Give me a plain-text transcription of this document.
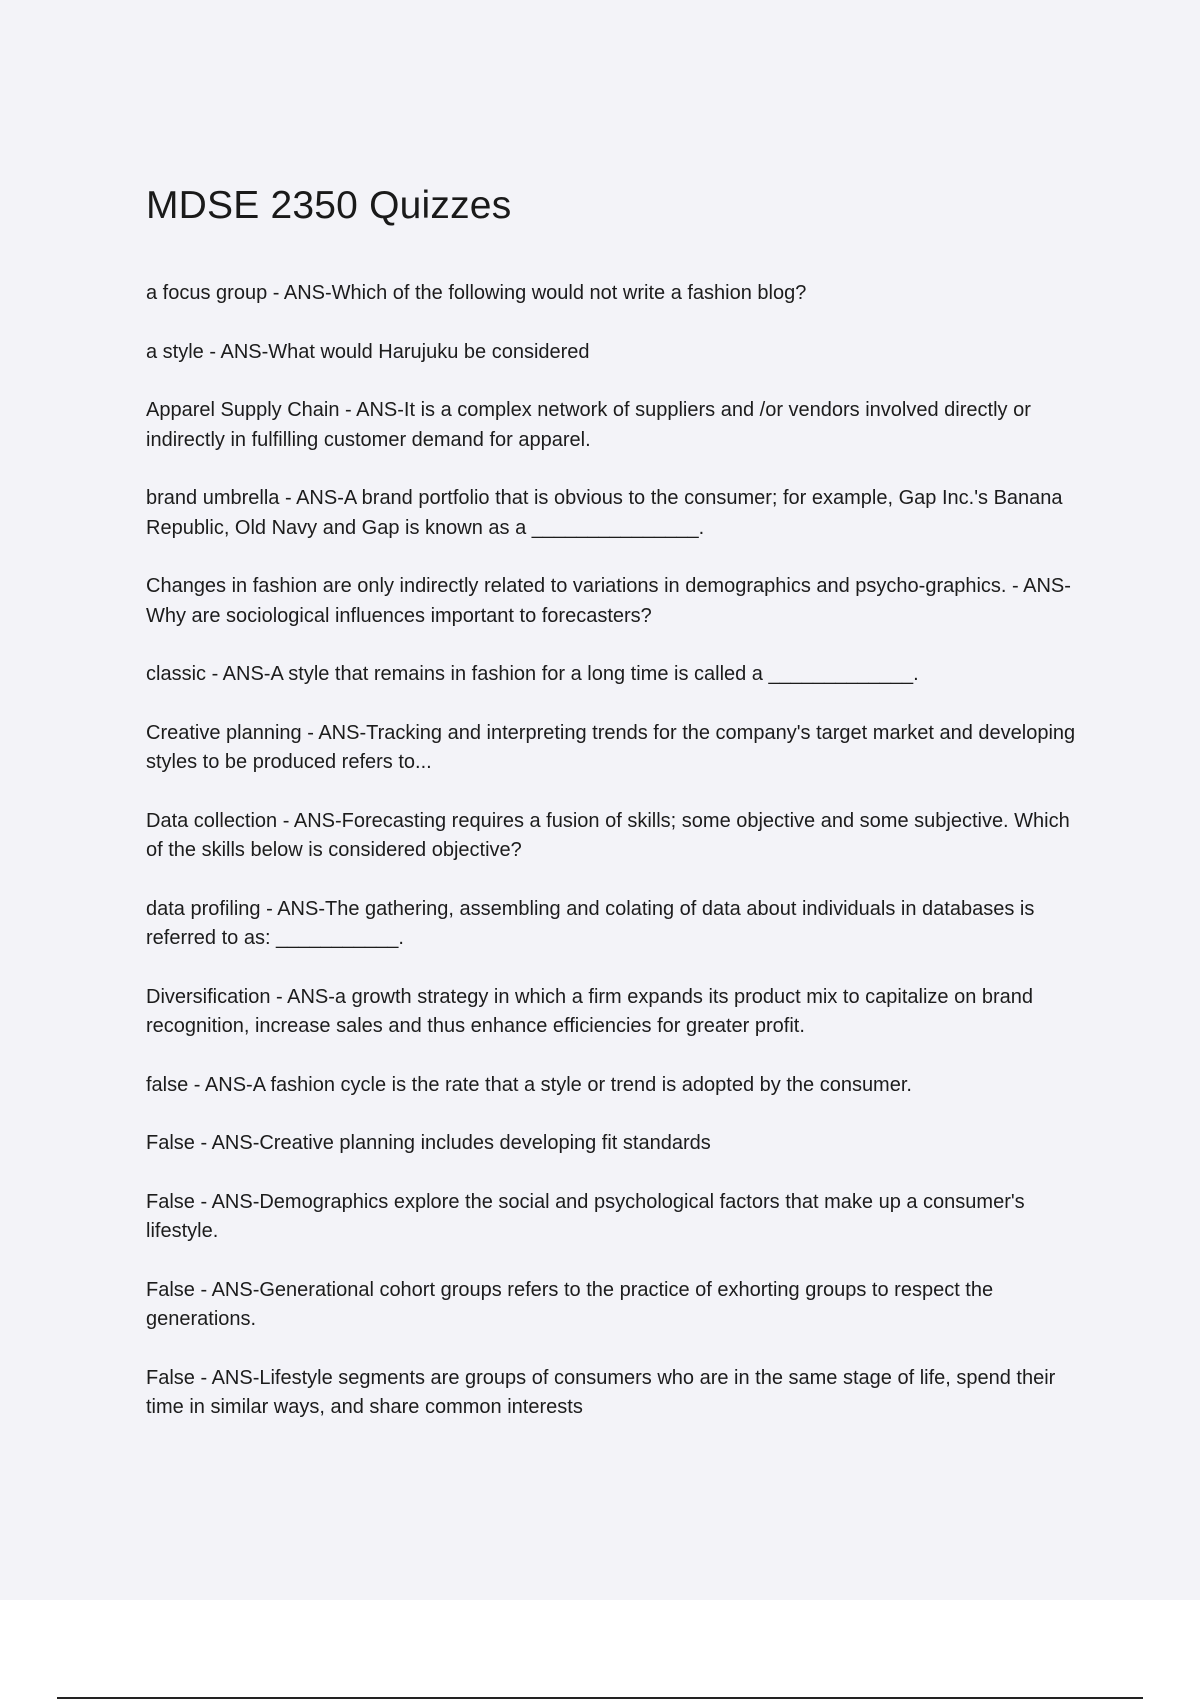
MDSE 2350 Quizzes
a focus group - ANS-Which of the following would not write a fashion blog?
a style - ANS-What would Harujuku be considered
Apparel Supply Chain - ANS-It is a complex network of suppliers and /or vendors involved directly or indirectly in fulfilling customer demand for apparel.
brand umbrella - ANS-A brand portfolio that is obvious to the consumer; for example, Gap Inc.'s Banana Republic, Old Navy and Gap is known as a _______________.
Changes in fashion are only indirectly related to variations in demographics and psycho-graphics. - ANS-Why are sociological influences important to forecasters?
classic - ANS-A style that remains in fashion for a long time is called a _____________.
Creative planning - ANS-Tracking and interpreting trends for the company's target market and developing styles to be produced refers to...
Data collection - ANS-Forecasting requires a fusion of skills; some objective and some subjective. Which of the skills below is considered objective?
data profiling - ANS-The gathering, assembling and colating of data about individuals in databases is referred to as: ___________.
Diversification - ANS-a growth strategy in which a firm expands its product mix to capitalize on brand recognition, increase sales and thus enhance efficiencies for greater profit.
false - ANS-A fashion cycle is the rate that a style or trend is adopted by the consumer.
False - ANS-Creative planning includes developing fit standards
False - ANS-Demographics explore the social and psychological factors that make up a consumer's lifestyle.
False - ANS-Generational cohort groups refers to the practice of exhorting groups to respect the generations.
False - ANS-Lifestyle segments are groups of consumers who are in the same stage of life, spend their time in similar ways, and share common interests
